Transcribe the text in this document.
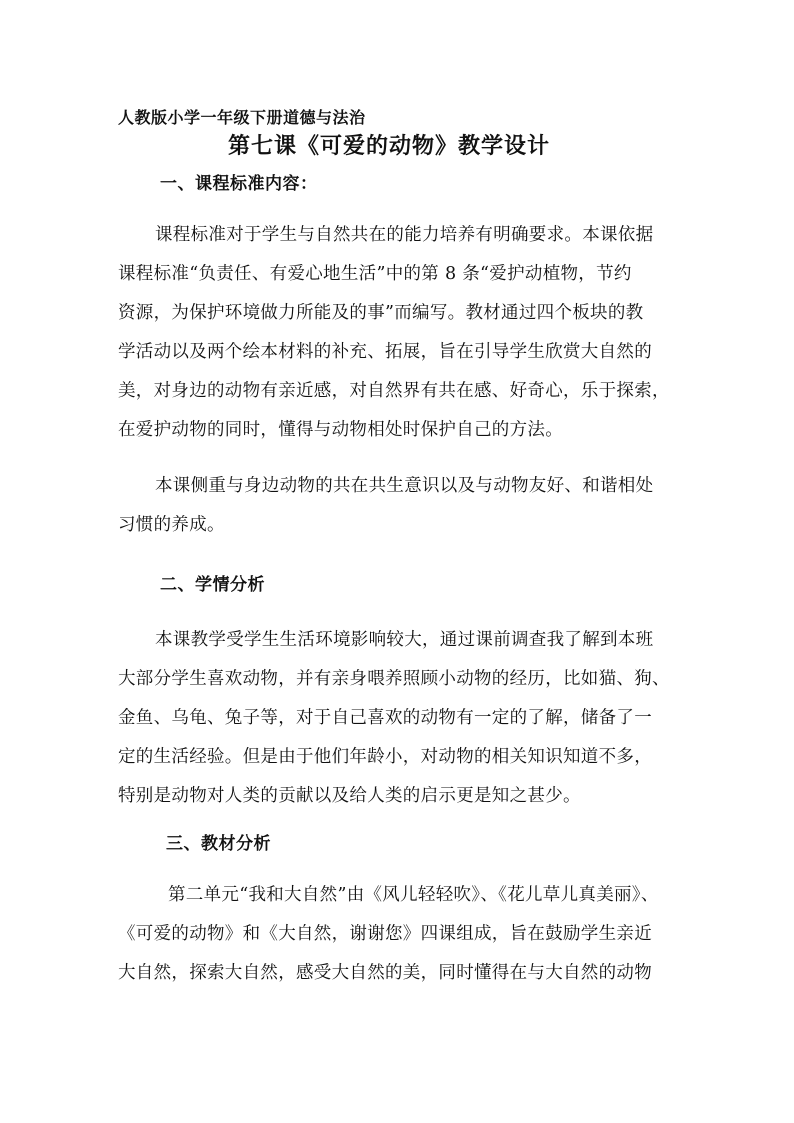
人教版小学一年级下册道德与法治
第七课《可爱的动物》教学设计
一、课程标准内容：
课程标准对于学生与自然共在的能力培养有明确要求。本课依据
课程标准“负责任、有爱心地生活”中的第 8 条“爱护动植物，节约
资源，为保护环境做力所能及的事”而编写。教材通过四个板块的教
学活动以及两个绘本材料的补充、拓展，旨在引导学生欣赏大自然的
美，对身边的动物有亲近感，对自然界有共在感、好奇心，乐于探索，
在爱护动物的同时，懂得与动物相处时保护自己的方法。
本课侧重与身边动物的共在共生意识以及与动物友好、和谐相处
习惯的养成。
二、学情分析
本课教学受学生生活环境影响较大，通过课前调查我了解到本班
大部分学生喜欢动物，并有亲身喂养照顾小动物的经历，比如猫、狗、
金鱼、乌龟、兔子等，对于自己喜欢的动物有一定的了解，储备了一
定的生活经验。但是由于他们年龄小，对动物的相关知识知道不多，
特别是动物对人类的贡献以及给人类的启示更是知之甚少。
三、教材分析
第二单元“我和大自然”由《风儿轻轻吹》、《花儿草儿真美丽》、
《可爱的动物》和《大自然，谢谢您》四课组成，旨在鼓励学生亲近
大自然，探索大自然，感受大自然的美，同时懂得在与大自然的动物
